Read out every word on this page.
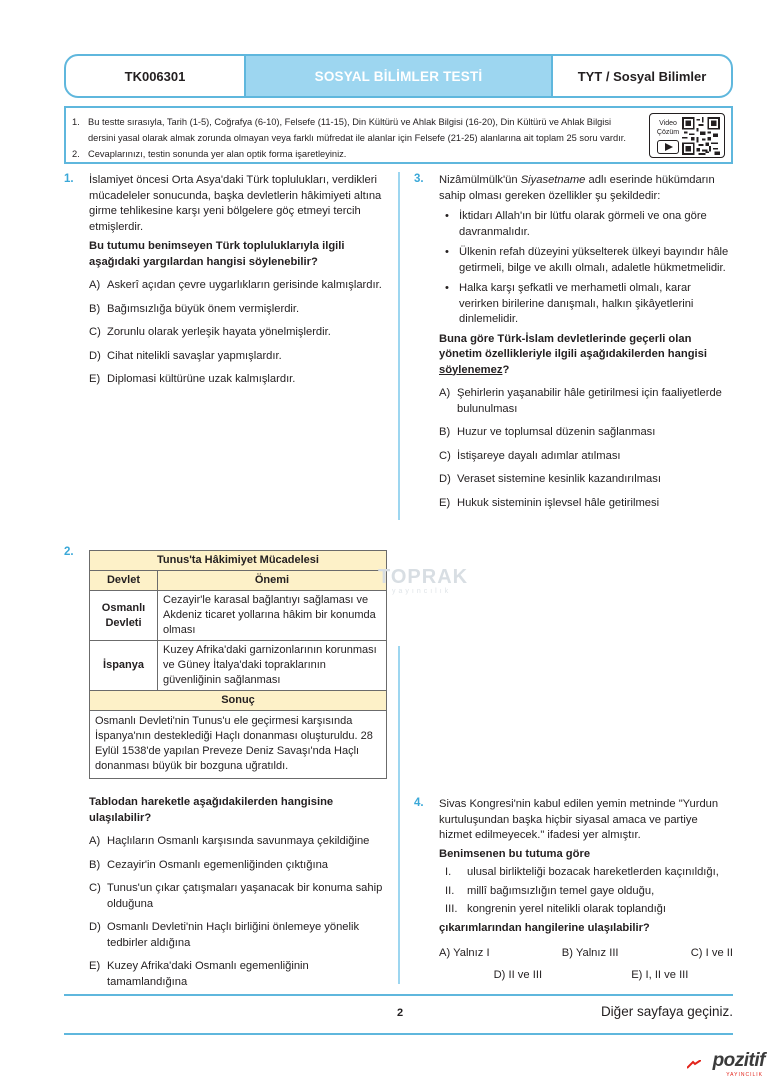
TK006301	SOSYAL BİLİMLER TESTİ	TYT / Sosyal Bilimler
1. Bu testte sırasıyla, Tarih (1-5), Coğrafya (6-10), Felsefe (11-15), Din Kültürü ve Ahlak Bilgisi (16-20), Din Kültürü ve Ahlak Bilgisi
dersini yasal olarak almak zorunda olmayan veya farklı müfredat ile alanlar için Felsefe (21-25) alanlarına ait toplam 25 soru vardır.
2. Cevaplarınızı, testin sonunda yer alan optik forma işaretleyiniz.
Video
Çözüm
1. İslamiyet öncesi Orta Asya'daki Türk toplulukları, verdikleri mücadeleler sonucunda, başka devletlerin hâkimiyeti altına girme tehlikesine karşı yeni bölgelere göç etmeyi tercih etmişlerdir.
Bu tutumu benimseyen Türk topluluklarıyla ilgili aşağıdaki yargılardan hangisi söylenebilir?
A) Askerî açıdan çevre uygarlıkların gerisinde kalmışlardır.
B) Bağımsızlığa büyük önem vermişlerdir.
C) Zorunlu olarak yerleşik hayata yönelmişlerdir.
D) Cihat nitelikli savaşlar yapmışlardır.
E) Diplomasi kültürüne uzak kalmışlardır.
3. Nizâmülmülk'ün Siyasetname adlı eserinde hükümdarın sahip olması gereken özellikler şu şekildedir:
• İktidarı Allah'ın bir lütfu olarak görmeli ve ona göre davranmalıdır.
• Ülkenin refah düzeyini yükselterek ülkeyi bayındır hâle getirmeli, bilge ve akıllı olmalı, adaletle hükmetmelidir.
• Halka karşı şefkatli ve merhametli olmalı, karar verirken birilerine danışmalı, halkın şikâyetlerini dinlemelidir.
Buna göre Türk-İslam devletlerinde geçerli olan yönetim özellikleriyle ilgili aşağıdakilerden hangisi söylenemez?
A) Şehirlerin yaşanabilir hâle getirilmesi için faaliyetlerde bulunulması
B) Huzur ve toplumsal düzenin sağlanması
C) İstişareye dayalı adımlar atılması
D) Veraset sistemine kesinlik kazandırılması
E) Hukuk sisteminin işlevsel hâle getirilmesi
2.
Tunus'ta Hâkimiyet Mücadelesi	
Devlet	Önemi
Osmanlı Devleti	Cezayir'le karasal bağlantıyı sağlaması ve Akdeniz ticaret yollarına hâkim bir konumda olması
İspanya	Kuzey Afrika'daki garnizonlarının korunması ve Güney İtalya'daki topraklarının güvenliğinin sağlanması
Sonuç	
Osmanlı Devleti'nin Tunus'u ele geçirmesi karşısında İspanya'nın desteklediği Haçlı donanması oluşturuldu. 28 Eylül 1538'de yapılan Preveze Deniz Savaşı'nda Haçlı donanması büyük bir bozguna uğratıldı.	
TOPRAK
yayıncılık
Tablodan hareketle aşağıdakilerden hangisine ulaşılabilir?
A) Haçlıların Osmanlı karşısında savunmaya çekildiğine
B) Cezayir'in Osmanlı egemenliğinden çıktığına
C) Tunus'un çıkar çatışmaları yaşanacak bir konuma sahip olduğuna
D) Osmanlı Devleti'nin Haçlı birliğini önlemeye yönelik tedbirler aldığına
E) Kuzey Afrika'daki Osmanlı egemenliğinin tamamlandığına
4. Sivas Kongresi'nin kabul edilen yemin metninde "Yurdun kurtuluşundan başka hiçbir siyasal amaca ve partiye hizmet edilmeyecek." ifadesi yer almıştır.
Benimsenen bu tutuma göre
I.	ulusal birlikteliği bozacak hareketlerden kaçınıldığı,
II.	millî bağımsızlığın temel gaye olduğu,
III. kongrenin yerel nitelikli olarak toplandığı
çıkarımlarından hangilerine ulaşılabilir?
A) Yalnız I	B) Yalnız III	C) I ve II
D) II ve III	E) I, II ve III
2	Diğer sayfaya geçiniz.
pozitif
YAYINCILIK
